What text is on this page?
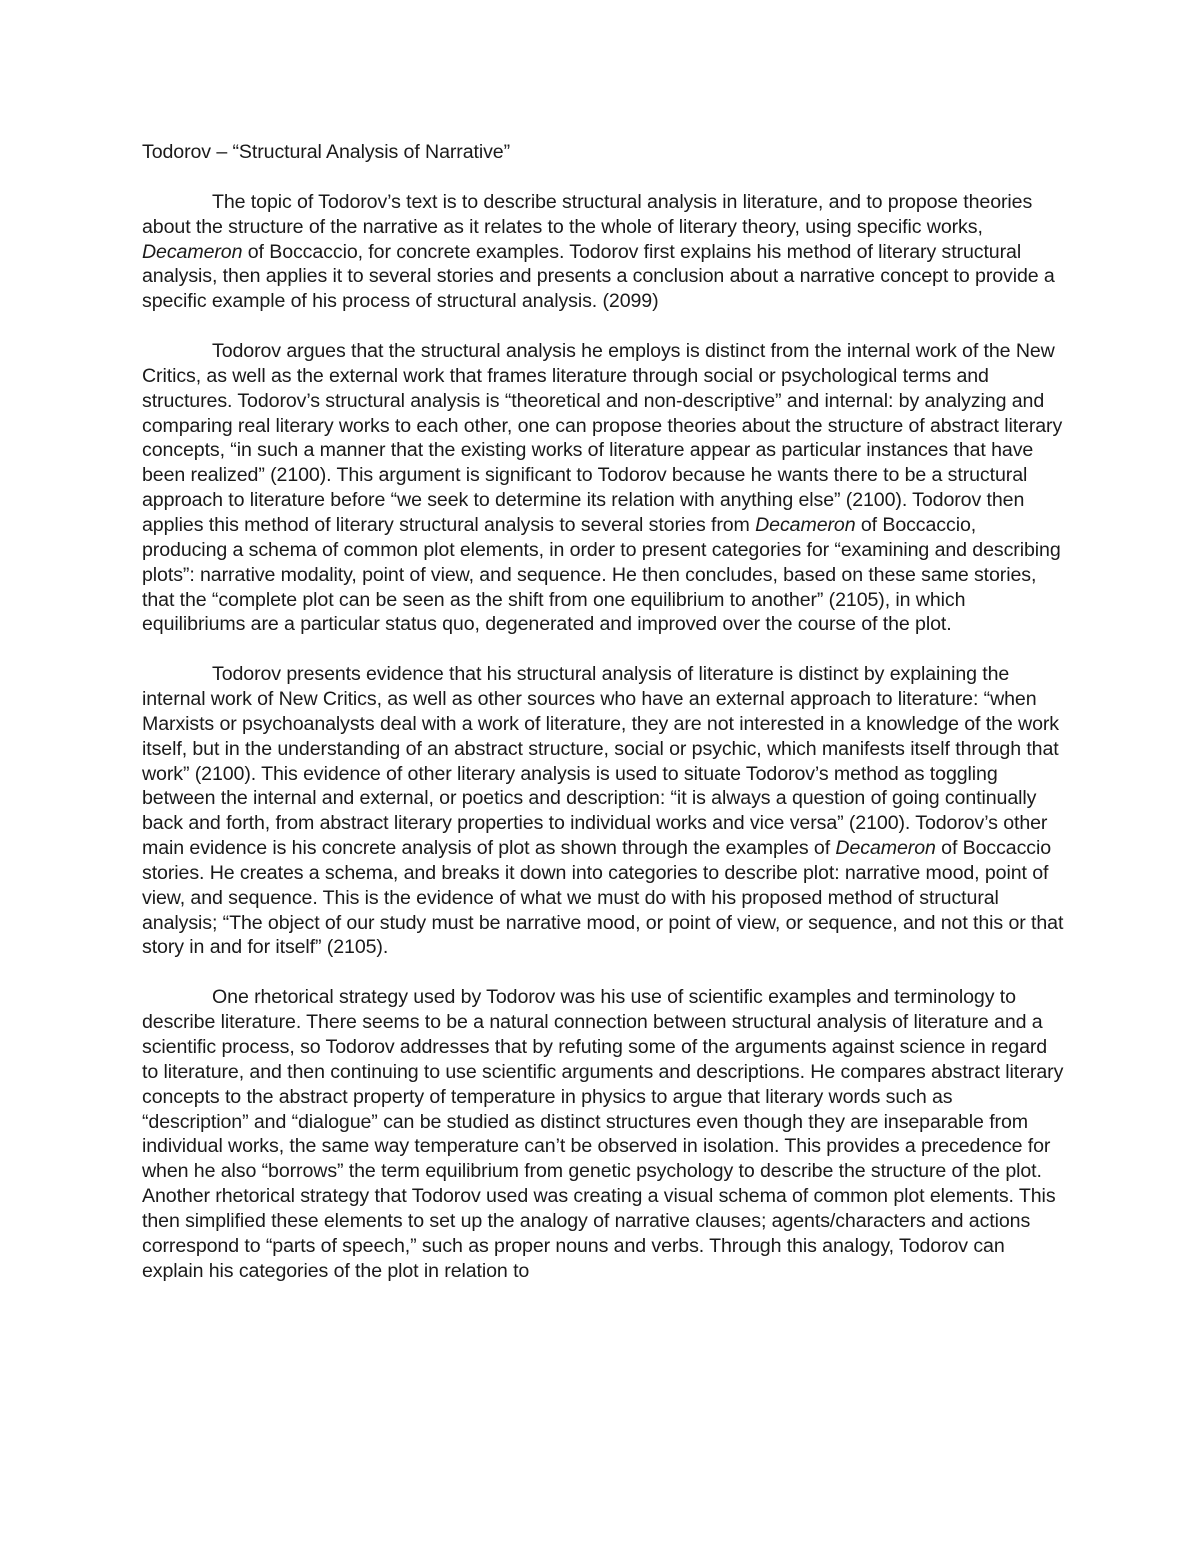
Todorov – “Structural Analysis of Narrative”

The topic of Todorov’s text is to describe structural analysis in literature, and to propose theories about the structure of the narrative as it relates to the whole of literary theory, using specific works, Decameron of Boccaccio, for concrete examples. Todorov first explains his method of literary structural analysis, then applies it to several stories and presents a conclusion about a narrative concept to provide a specific example of his process of structural analysis. (2099)

Todorov argues that the structural analysis he employs is distinct from the internal work of the New Critics, as well as the external work that frames literature through social or psychological terms and structures. Todorov’s structural analysis is “theoretical and non-descriptive” and internal: by analyzing and comparing real literary works to each other, one can propose theories about the structure of abstract literary concepts, “in such a manner that the existing works of literature appear as particular instances that have been realized” (2100). This argument is significant to Todorov because he wants there to be a structural approach to literature before “we seek to determine its relation with anything else” (2100). Todorov then applies this method of literary structural analysis to several stories from Decameron of Boccaccio, producing a schema of common plot elements, in order to present categories for “examining and describing plots”: narrative modality, point of view, and sequence. He then concludes, based on these same stories, that the “complete plot can be seen as the shift from one equilibrium to another” (2105), in which equilibriums are a particular status quo, degenerated and improved over the course of the plot.

Todorov presents evidence that his structural analysis of literature is distinct by explaining the internal work of New Critics, as well as other sources who have an external approach to literature: “when Marxists or psychoanalysts deal with a work of literature, they are not interested in a knowledge of the work itself, but in the understanding of an abstract structure, social or psychic, which manifests itself through that work” (2100). This evidence of other literary analysis is used to situate Todorov’s method as toggling between the internal and external, or poetics and description: “it is always a question of going continually back and forth, from abstract literary properties to individual works and vice versa” (2100). Todorov’s other main evidence is his concrete analysis of plot as shown through the examples of Decameron of Boccaccio stories. He creates a schema, and breaks it down into categories to describe plot: narrative mood, point of view, and sequence. This is the evidence of what we must do with his proposed method of structural analysis; “The object of our study must be narrative mood, or point of view, or sequence, and not this or that story in and for itself” (2105).

One rhetorical strategy used by Todorov was his use of scientific examples and terminology to describe literature. There seems to be a natural connection between structural analysis of literature and a scientific process, so Todorov addresses that by refuting some of the arguments against science in regard to literature, and then continuing to use scientific arguments and descriptions. He compares abstract literary concepts to the abstract property of temperature in physics to argue that literary words such as “description” and “dialogue” can be studied as distinct structures even though they are inseparable from individual works, the same way temperature can’t be observed in isolation. This provides a precedence for when he also “borrows” the term equilibrium from genetic psychology to describe the structure of the plot. Another rhetorical strategy that Todorov used was creating a visual schema of common plot elements. This then simplified these elements to set up the analogy of narrative clauses; agents/characters and actions correspond to “parts of speech,” such as proper nouns and verbs. Through this analogy, Todorov can explain his categories of the plot in relation to
